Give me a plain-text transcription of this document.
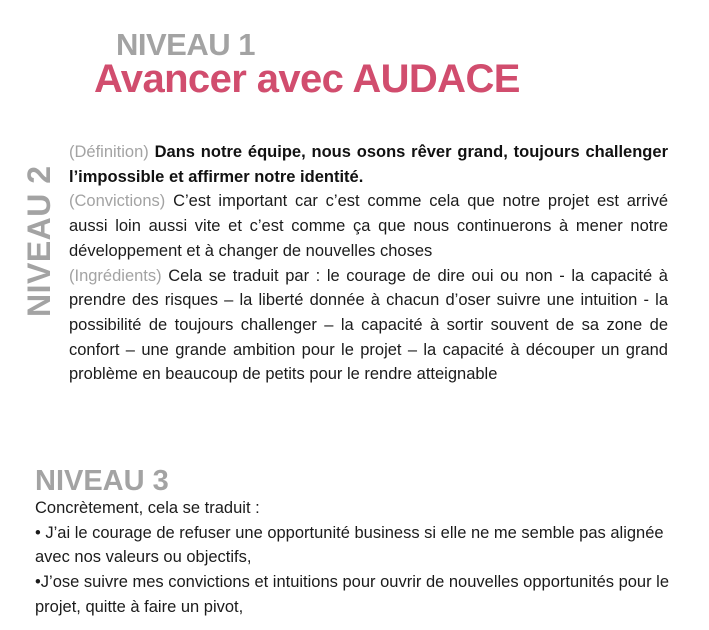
NIVEAU 1
Avancer avec AUDACE
NIVEAU 2

(Définition) Dans notre équipe, nous osons rêver grand, toujours challenger l’impossible et affirmer notre identité.

(Convictions) C’est important car c’est comme cela que notre projet est arrivé aussi loin aussi vite et c’est comme ça que nous continuerons à mener notre développement et à changer de nouvelles choses

(Ingrédients) Cela se traduit par : le courage de dire oui ou non - la capacité à prendre des risques – la liberté donnée à chacun d’oser suivre une intuition - la possibilité de toujours challenger – la capacité à sortir souvent de sa zone de confort – une grande ambition pour le projet – la capacité à découper un grand problème en beaucoup de petits pour le rendre atteignable

NIVEAU 3

Concrètement, cela se traduit :

• J’ai le courage de refuser une opportunité business si elle ne me semble pas alignée avec nos valeurs ou objectifs,

•J’ose suivre mes convictions et intuitions pour ouvrir de nouvelles opportunités pour le projet, quitte à faire un pivot,
